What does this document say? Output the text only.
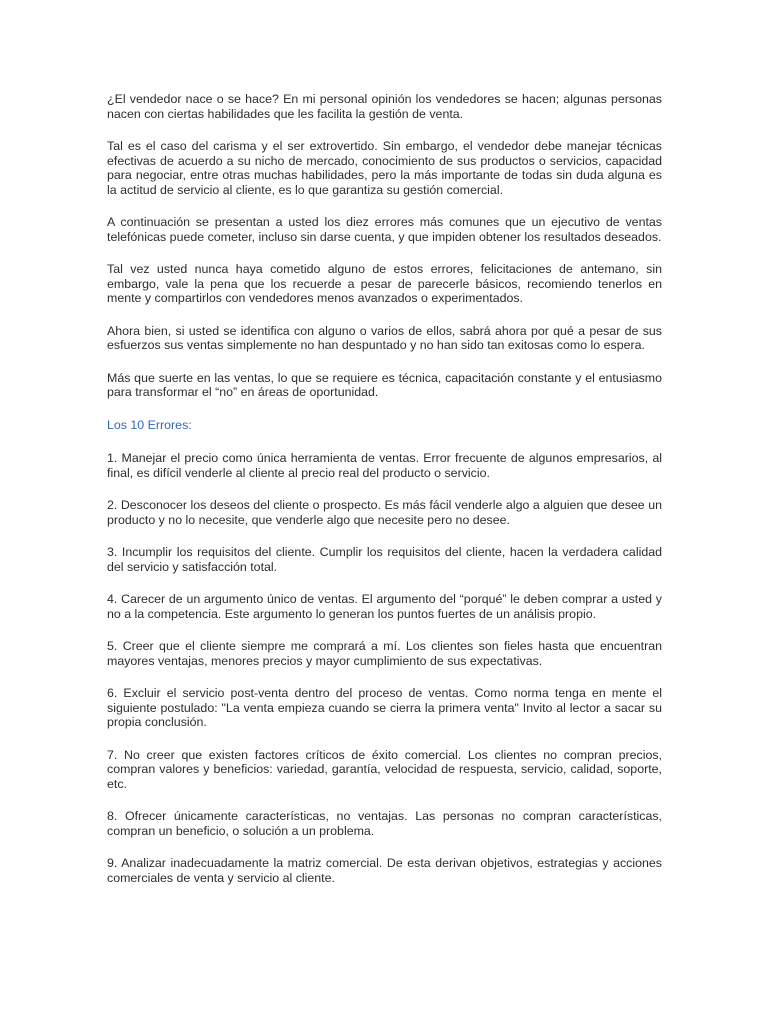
¿El vendedor nace o se hace? En mi personal opinión los vendedores se hacen; algunas personas nacen con ciertas habilidades que les facilita la gestión de venta.

Tal es el caso del carisma y el ser extrovertido. Sin embargo, el vendedor debe manejar técnicas efectivas de acuerdo a su nicho de mercado, conocimiento de sus productos o servicios, capacidad para negociar, entre otras muchas habilidades, pero la más importante de todas sin duda alguna es la actitud de servicio al cliente, es lo que garantiza su gestión comercial.

A continuación se presentan a usted los diez errores más comunes que un ejecutivo de ventas telefónicas puede cometer, incluso sin darse cuenta, y que impiden obtener los resultados deseados.

Tal vez usted nunca haya cometido alguno de estos errores, felicitaciones de antemano, sin embargo, vale la pena que los recuerde a pesar de parecerle básicos, recomiendo tenerlos en mente y compartirlos con vendedores menos avanzados o experimentados.

Ahora bien, si usted se identifica con alguno o varios de ellos, sabrá ahora por qué a pesar de sus esfuerzos sus ventas simplemente no han despuntado y no han sido tan exitosas como lo espera.

Más que suerte en las ventas, lo que se requiere es técnica, capacitación constante y el entusiasmo para transformar el “no” en áreas de oportunidad.

Los 10 Errores:

1. Manejar el precio como única herramienta de ventas. Error frecuente de algunos empresarios, al final, es difícil venderle al cliente al precio real del producto o servicio.

2. Desconocer los deseos del cliente o prospecto. Es más fácil venderle algo a alguien que desee un producto y no lo necesite, que venderle algo que necesite pero no desee.

3. Incumplir los requisitos del cliente. Cumplir los requisitos del cliente, hacen la verdadera calidad del servicio y satisfacción total.

4. Carecer de un argumento único de ventas. El argumento del “porqué” le deben comprar a usted y no a la competencia. Este argumento lo generan los puntos fuertes de un análisis propio.

5. Creer que el cliente siempre me comprará a mí. Los clientes son fieles hasta que encuentran mayores ventajas, menores precios y mayor cumplimiento de sus expectativas.

6. Excluir el servicio post-venta dentro del proceso de ventas. Como norma tenga en mente el siguiente postulado: "La venta empieza cuando se cierra la primera venta" Invito al lector a sacar su propia conclusión.

7. No creer que existen factores críticos de éxito comercial. Los clientes no compran precios, compran valores y beneficios: variedad, garantía, velocidad de respuesta, servicio, calidad, soporte, etc.

8. Ofrecer únicamente características, no ventajas. Las personas no compran características, compran un beneficio, o solución a un problema.

9. Analizar inadecuadamente la matriz comercial. De esta derivan objetivos, estrategias y acciones comerciales de venta y servicio al cliente.
